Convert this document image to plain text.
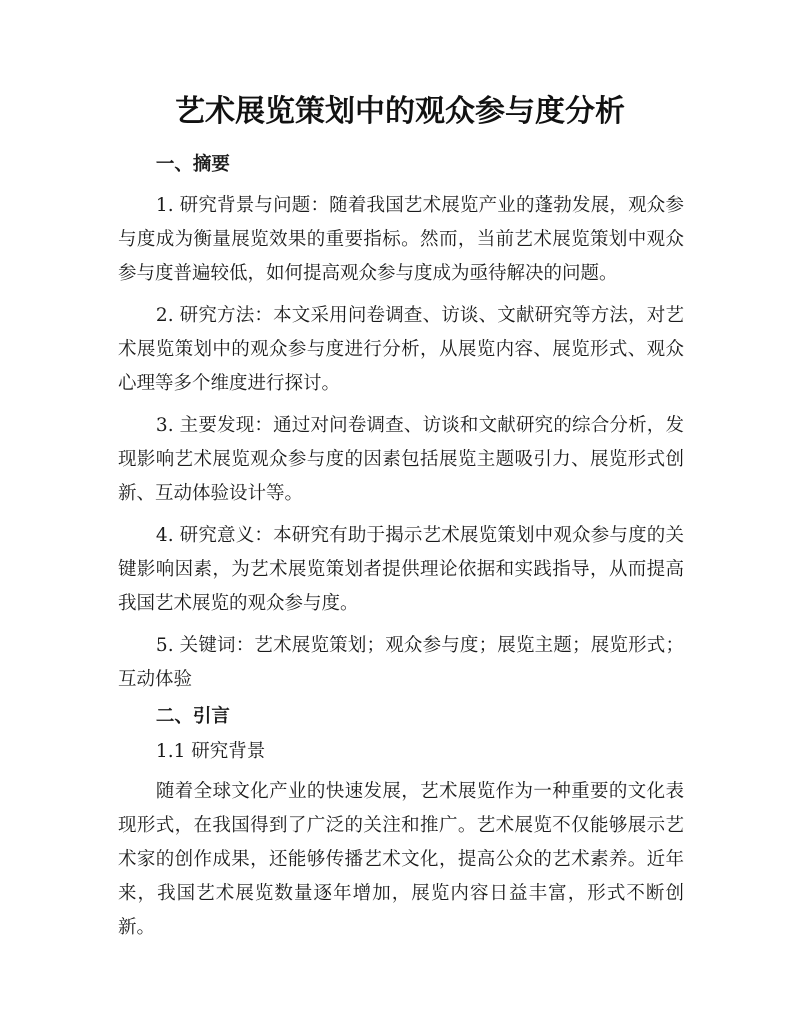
艺术展览策划中的观众参与度分析

一、摘要

1. 研究背景与问题：随着我国艺术展览产业的蓬勃发展，观众参与度成为衡量展览效果的重要指标。然而，当前艺术展览策划中观众参与度普遍较低，如何提高观众参与度成为亟待解决的问题。

2. 研究方法：本文采用问卷调查、访谈、文献研究等方法，对艺术展览策划中的观众参与度进行分析，从展览内容、展览形式、观众心理等多个维度进行探讨。

3. 主要发现：通过对问卷调查、访谈和文献研究的综合分析，发现影响艺术展览观众参与度的因素包括展览主题吸引力、展览形式创新、互动体验设计等。

4. 研究意义：本研究有助于揭示艺术展览策划中观众参与度的关键影响因素，为艺术展览策划者提供理论依据和实践指导，从而提高我国艺术展览的观众参与度。

5. 关键词：艺术展览策划；观众参与度；展览主题；展览形式；互动体验

二、引言

1.1 研究背景

随着全球文化产业的快速发展，艺术展览作为一种重要的文化表现形式，在我国得到了广泛的关注和推广。艺术展览不仅能够展示艺术家的创作成果，还能够传播艺术文化，提高公众的艺术素养。近年来，我国艺术展览数量逐年增加，展览内容日益丰富，形式不断创新。
